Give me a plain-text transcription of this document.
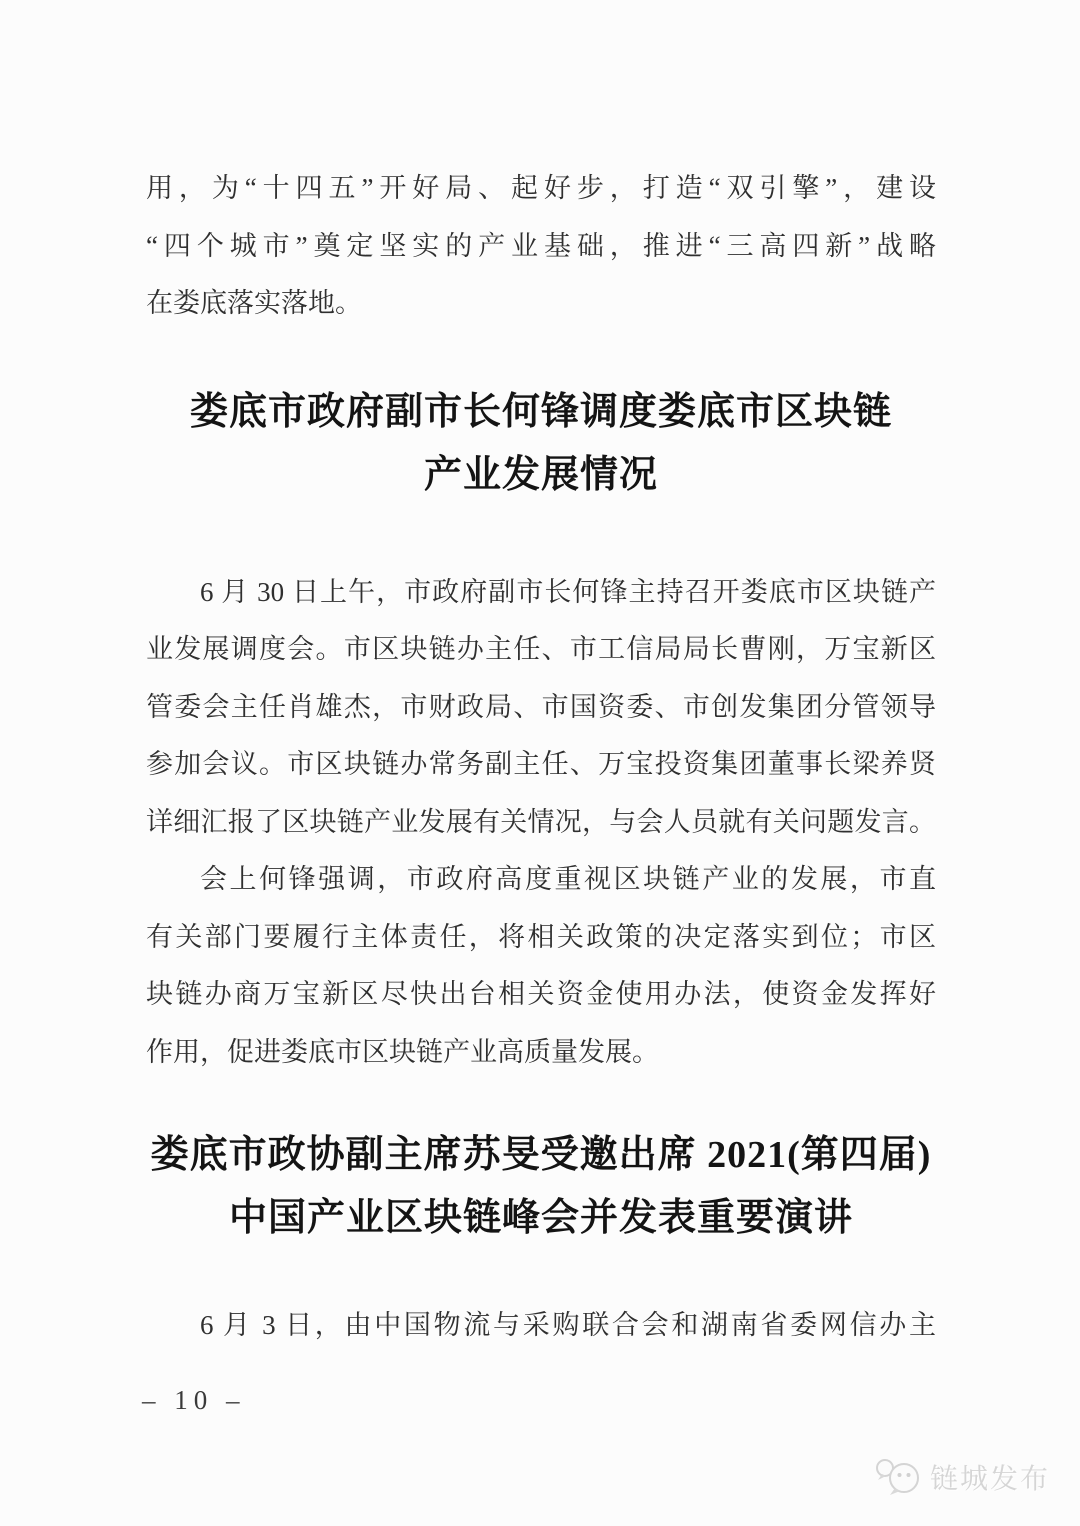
用，为“十四五”开好局、起好步，打造“双引擎”，建设
“四个城市”奠定坚实的产业基础，推进“三高四新”战略
在娄底落实落地。
娄底市政府副市长何锋调度娄底市区块链
产业发展情况
6 月 30 日上午，市政府副市长何锋主持召开娄底市区块链产
业发展调度会。市区块链办主任、市工信局局长曹刚，万宝新区
管委会主任肖雄杰，市财政局、市国资委、市创发集团分管领导
参加会议。市区块链办常务副主任、万宝投资集团董事长梁养贤
详细汇报了区块链产业发展有关情况，与会人员就有关问题发言。
会上何锋强调，市政府高度重视区块链产业的发展，市直
有关部门要履行主体责任，将相关政策的决定落实到位；市区
块链办商万宝新区尽快出台相关资金使用办法，使资金发挥好
作用，促进娄底市区块链产业高质量发展。
娄底市政协副主席苏旻受邀出席 2021(第四届)
中国产业区块链峰会并发表重要演讲
6 月 3 日，由中国物流与采购联合会和湖南省委网信办主
– 10 –
链城发布
